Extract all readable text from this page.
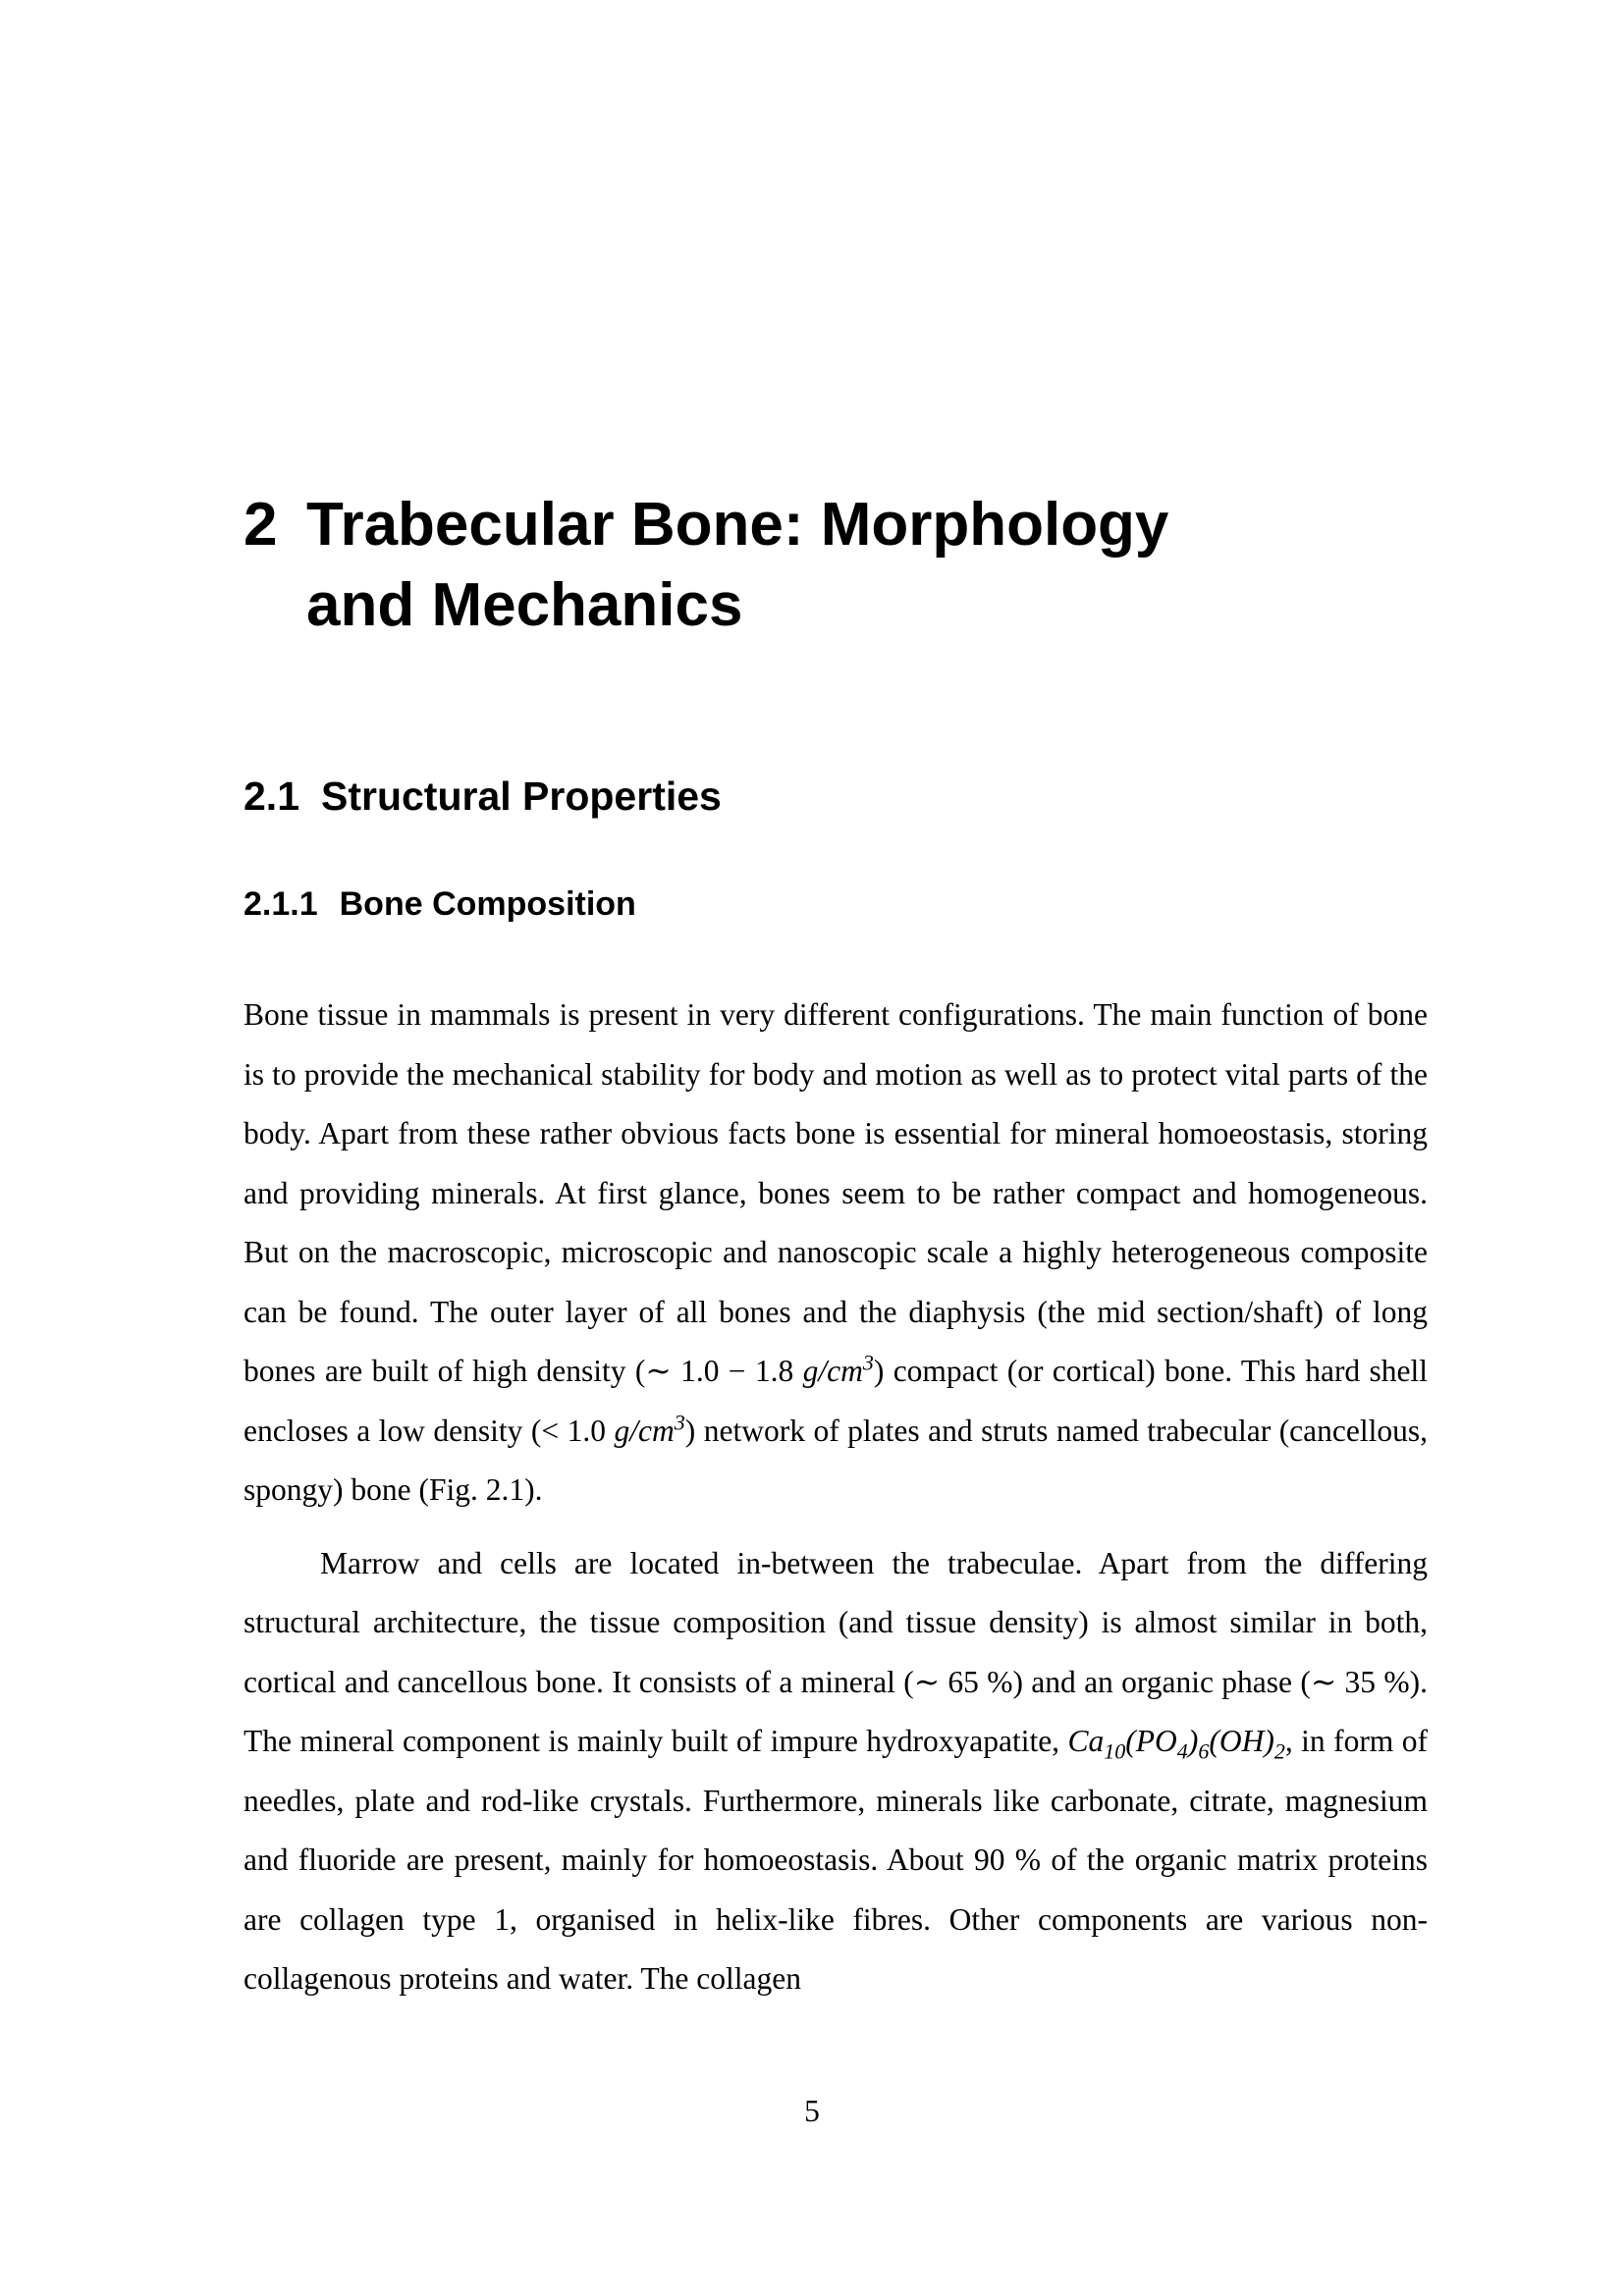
2 Trabecular Bone: Morphology and Mechanics
2.1 Structural Properties
2.1.1 Bone Composition

Bone tissue in mammals is present in very different configurations. The main function of bone is to provide the mechanical stability for body and motion as well as to protect vital parts of the body. Apart from these rather obvious facts bone is essential for mineral homoeostasis, storing and providing minerals. At first glance, bones seem to be rather compact and homogeneous. But on the macroscopic, microscopic and nanoscopic scale a highly heterogeneous composite can be found. The outer layer of all bones and the diaphysis (the mid section/shaft) of long bones are built of high density (∼ 1.0 − 1.8 $g/cm^3$) compact (or cortical) bone. This hard shell encloses a low density (< 1.0 $g/cm^3$) network of plates and struts named trabecular (cancellous, spongy) bone (Fig. 2.1).

Marrow and cells are located in-between the trabeculae. Apart from the differing structural architecture, the tissue composition (and tissue density) is almost similar in both, cortical and cancellous bone. It consists of a mineral (∼ 65 %) and an organic phase (∼ 35 %). The mineral component is mainly built of impure hydroxyapatite, $Ca_{10}(PO_4)_6(OH)_2$, in form of needles, plate and rod-like crystals. Furthermore, minerals like carbonate, citrate, magnesium and fluoride are present, mainly for homoeostasis. About 90 % of the organic matrix proteins are collagen type 1, organised in helix-like fibres. Other components are various non-collagenous proteins and water. The collagen

5
